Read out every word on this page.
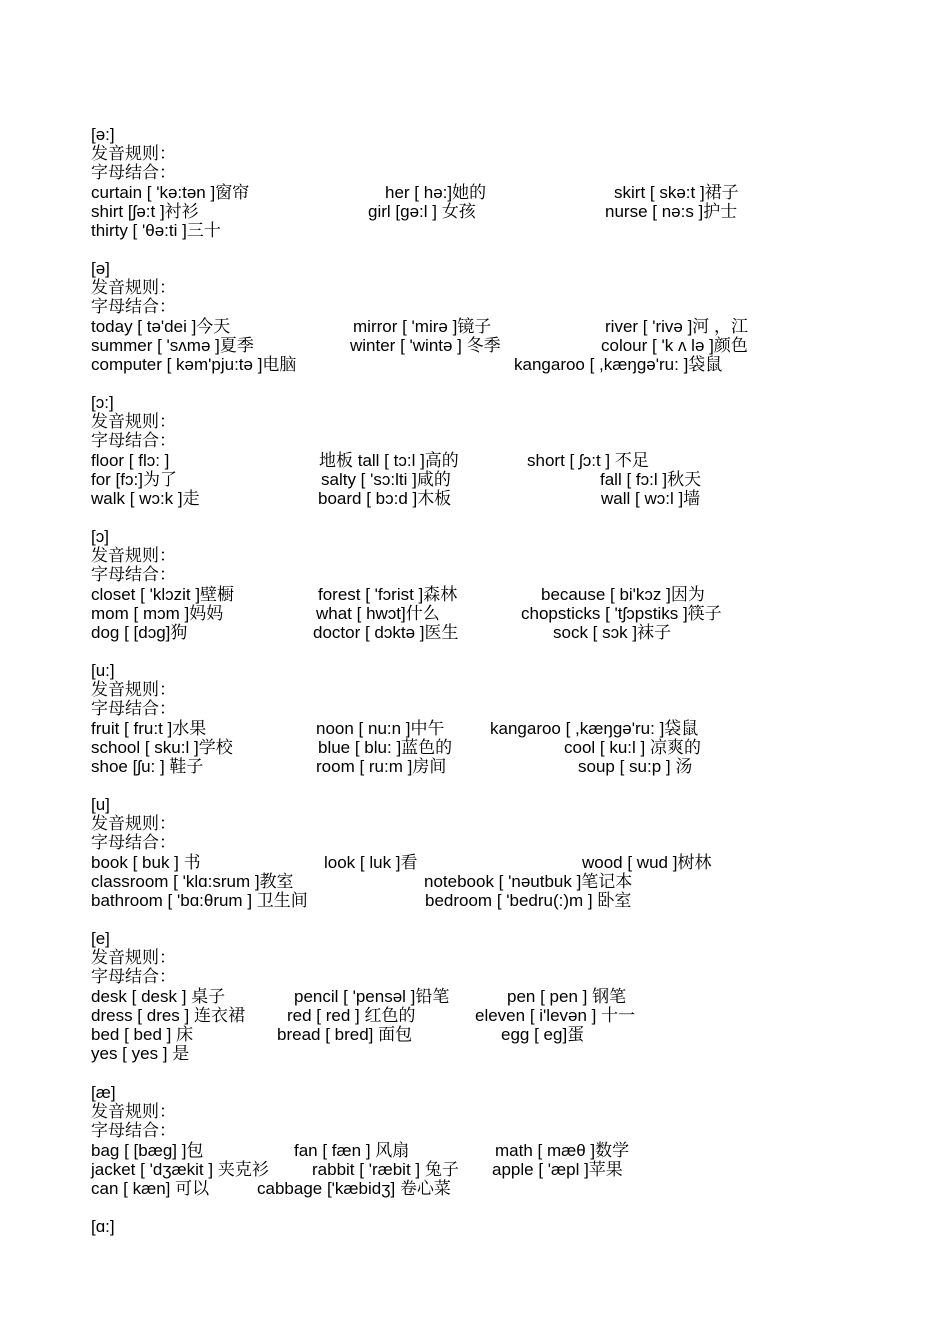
[ə:]
发音规则：
字母结合：
curtain [ 'kə:tən ]窗帘	her [ hə:]她的	skirt [ skə:t ]裙子
shirt [ʃə:t ]衬衫	girl [gə:l ] 女孩	nurse [ nə:s ]护士
thirty [ 'θə:ti ]三十
[ə]
发音规则：
字母结合：
today [ tə'dei ]今天	mirror [ 'mirə ]镜子	river [ 'rivə ]河 ，江
summer [ 'sʌmə ]夏季	winter [ 'wintə ] 冬季	colour [ 'k ʌ lə ]颜色
computer [ kəm'pju:tə ]电脑	kangaroo [ ,kæŋgə'ru: ]袋鼠
[ɔ:]
发音规则：
字母结合：
floor [ flɔ: ]	地板 tall [ tɔ:l ]高的	short [ ʃɔ:t ] 不足
for [fɔ:]为了	salty [ 'sɔ:lti ]咸的	fall [ fɔ:l ]秋天
walk [ wɔ:k ]走	board [ bɔ:d ]木板	wall [ wɔ:l ]墙
[ɔ]
发音规则：
字母结合：
closet [ 'klɔzit ]壁橱	forest [ 'fɔrist ]森林	because [ bi'kɔz ]因为
mom [ mɔm ]妈妈	what [ hwɔt]什么	chopsticks [ 'tʃɔpstiks ]筷子
dog [ [dɔg]狗	doctor [ dɔktə ]医生	sock [ sɔk ]袜子
[u:]
发音规则：
字母结合：
fruit [ fru:t ]水果	noon [ nu:n ]中午	kangaroo [ ,kæŋgə'ru: ]袋鼠
school [ sku:l ]学校	blue [ blu: ]蓝色的	cool [ ku:l ] 凉爽的
shoe [ʃu: ] 鞋子	room [ ru:m ]房间	soup [ su:p ] 汤
[u]
发音规则：
字母结合：
book [ buk ] 书	look [ luk ]看	wood [ wud ]树林
classroom [ 'klɑ:srum ]教室	notebook [ 'nəutbuk ]笔记本
bathroom [ 'bɑ:θrum ] 卫生间	bedroom [ 'bedru(:)m ] 卧室
[e]
发音规则：
字母结合：
desk [ desk ] 桌子	pencil [ 'pensəl ]铅笔	pen [ pen ] 钢笔
dress [ dres ] 连衣裙 red [ red ] 红色的	eleven [ i'levən ] 十一
bed [ bed ] 床	bread [ bred] 面包	egg [ eg]蛋
yes [ yes ] 是
[æ]
发音规则：
字母结合：
bag [ [bæg] ]包	fan [ fæn ] 风扇	math [ mæθ ]数学
jacket [ 'dʒækit ] 夹克衫	rabbit [ 'ræbit ] 兔子 apple [ 'æpl ]苹果
can [ kæn] 可以	cabbage ['kæbidʒ] 卷心菜
[ɑ:]
